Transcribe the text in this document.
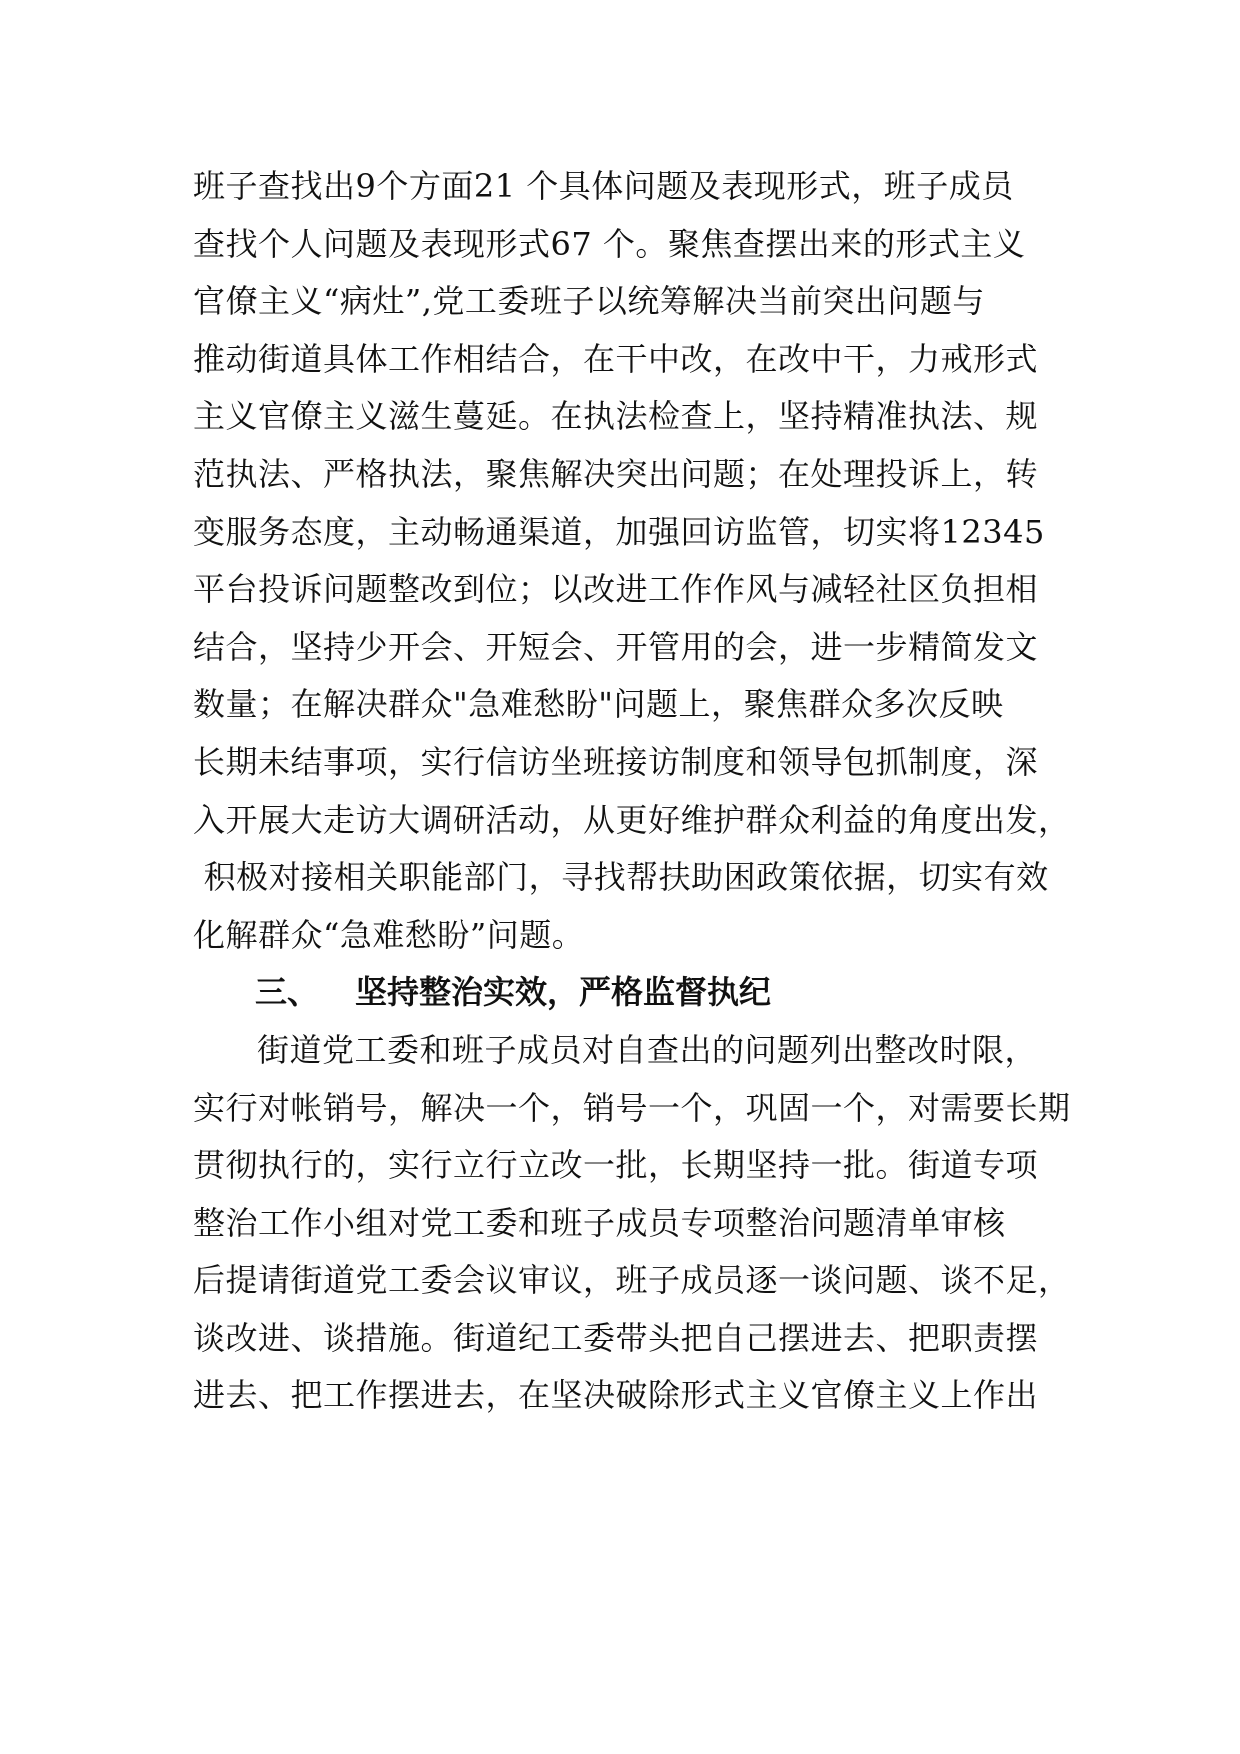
班子查找出9个方面21 个具体问题及表现形式，班子成员
查找个人问题及表现形式67 个。聚焦查摆出来的形式主义
官僚主义“病灶”,党工委班子以统筹解决当前突出问题与
推动街道具体工作相结合，在干中改，在改中干，力戒形式
主义官僚主义滋生蔓延。在执法检查上，坚持精准执法、规
范执法、严格执法，聚焦解决突出问题；在处理投诉上，转
变服务态度，主动畅通渠道，加强回访监管，切实将12345
平台投诉问题整改到位；以改进工作作风与减轻社区负担相
结合，坚持少开会、开短会、开管用的会，进一步精简发文
数量；在解决群众"急难愁盼"问题上，聚焦群众多次反映
长期未结事项，实行信访坐班接访制度和领导包抓制度，深
入开展大走访大调研活动，从更好维护群众利益的角度出发，
积极对接相关职能部门，寻找帮扶助困政策依据，切实有效
化解群众“急难愁盼”问题。
三、 坚持整治实效，严格监督执纪
街道党工委和班子成员对自查出的问题列出整改时限，
实行对帐销号，解决一个，销号一个，巩固一个，对需要长期
贯彻执行的，实行立行立改一批，长期坚持一批。街道专项
整治工作小组对党工委和班子成员专项整治问题清单审核
后提请街道党工委会议审议，班子成员逐一谈问题、谈不足，
谈改进、谈措施。街道纪工委带头把自己摆进去、把职责摆
进去、把工作摆进去，在坚决破除形式主义官僚主义上作出
